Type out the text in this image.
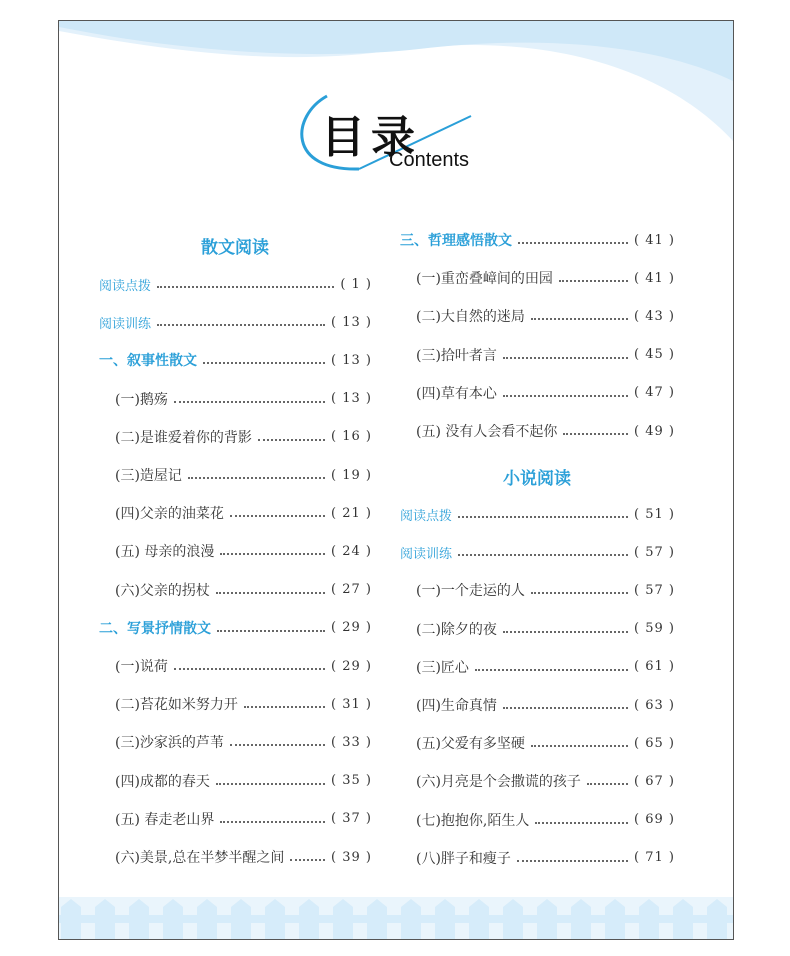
目录
Contents
散文阅读
阅读点拨	( 1 )
阅读训练	( 13 )
一、叙事性散文	( 13 )
(一)鹅殇	( 13 )
(二)是谁爱着你的背影	( 16 )
(三)造屋记	( 19 )
(四)父亲的油菜花	( 21 )
(五) 母亲的浪漫	( 24 )
(六)父亲的拐杖	( 27 )
二、写景抒情散文	( 29 )
(一)说荷	( 29 )
(二)苔花如米努力开	( 31 )
(三)沙家浜的芦苇	( 33 )
(四)成都的春天	( 35 )
(五) 春走老山界	( 37 )
(六)美景,总在半梦半醒之间	( 39 )
三、哲理感悟散文	( 41 )
(一)重峦叠嶂间的田园	( 41 )
(二)大自然的迷局	( 43 )
(三)拾叶者言	( 45 )
(四)草有本心	( 47 )
(五) 没有人会看不起你	( 49 )
小说阅读
阅读点拨	( 51 )
阅读训练	( 57 )
(一)一个走运的人	( 57 )
(二)除夕的夜	( 59 )
(三)匠心	( 61 )
(四)生命真情	( 63 )
(五)父爱有多坚硬	( 65 )
(六)月亮是个会撒谎的孩子	( 67 )
(七)抱抱你,陌生人	( 69 )
(八)胖子和瘦子	( 71 )
